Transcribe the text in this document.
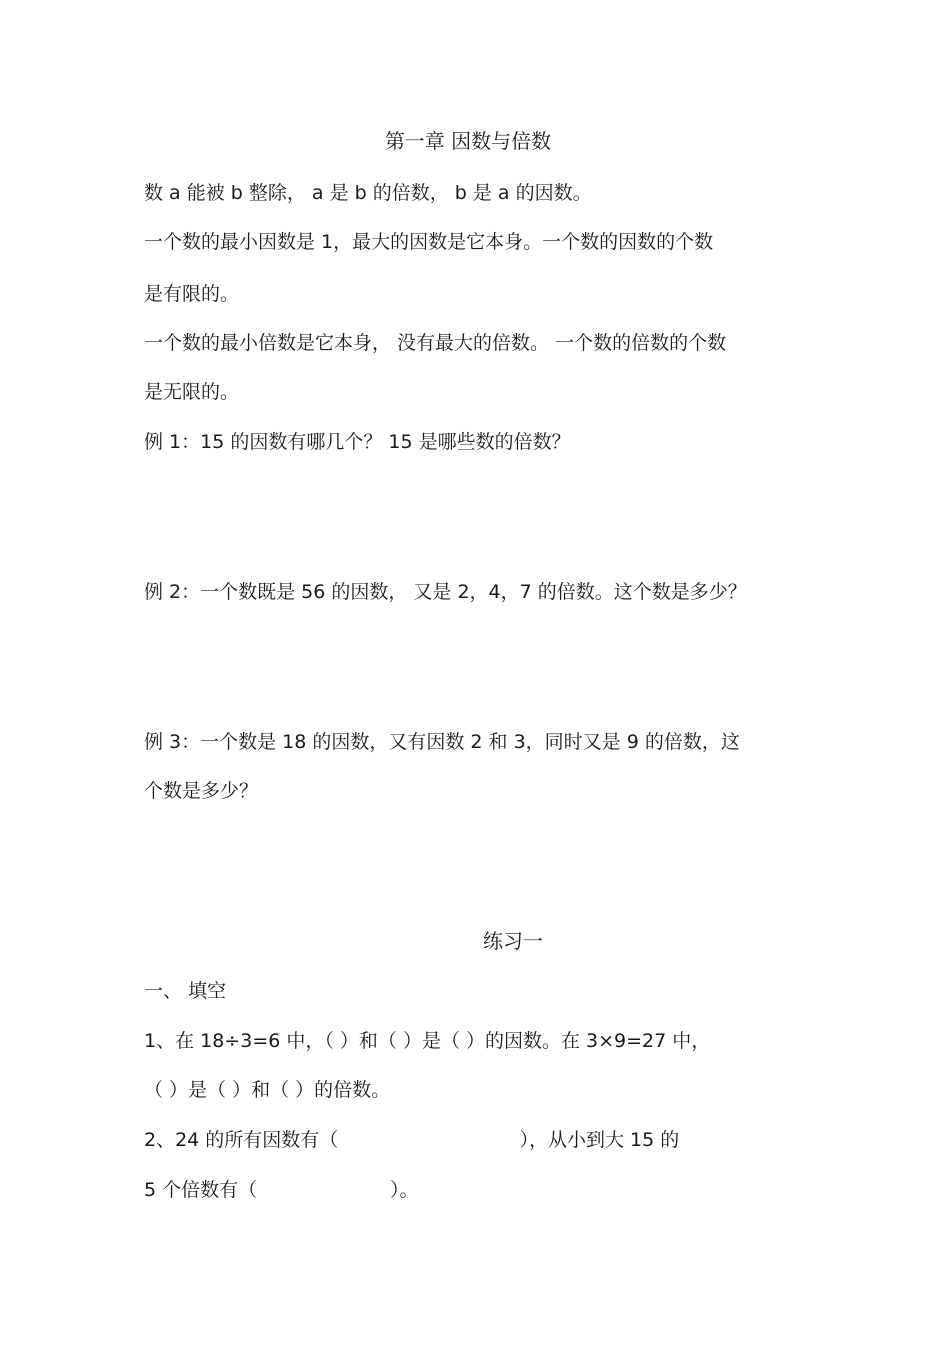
第一章 因数与倍数
数 a 能被 b 整除， a 是 b 的倍数， b 是 a 的因数。
一个数的最小因数是 1，最大的因数是它本身。一个数的因数的个数
是有限的。
一个数的最小倍数是它本身， 没有最大的倍数。 一个数的倍数的个数
是无限的。
例 1：15 的因数有哪几个？ 15 是哪些数的倍数？
例 2：一个数既是 56 的因数， 又是 2，4，7 的倍数。这个数是多少？
例 3：一个数是 18 的因数，又有因数 2 和 3，同时又是 9 的倍数，这
个数是多少？
练习一
一、 填空
1、在 18÷3=6 中，（ ）和（ ）是（ ）的因数。在 3×9=27 中，
（ ）是（ ）和（ ）的倍数。
2、24 的所有因数有（                              ），从小到大 15 的
5 个倍数有（                      ）。
